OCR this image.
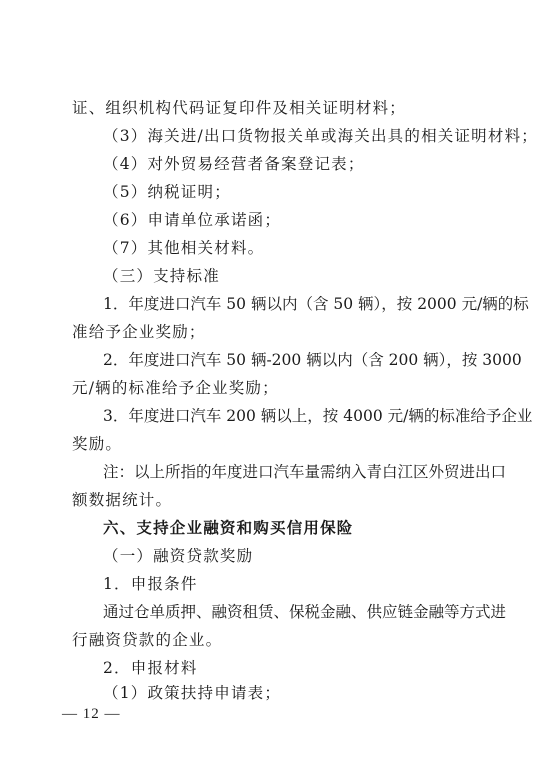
证、组织机构代码证复印件及相关证明材料；
（3）海关进/出口货物报关单或海关出具的相关证明材料；
（4）对外贸易经营者备案登记表；
（5）纳税证明；
（6）申请单位承诺函；
（7）其他相关材料。
（三）支持标准
1．年度进口汽车 50 辆以内（含 50 辆），按 2000 元/辆的标
准给予企业奖励；
2．年度进口汽车 50 辆-200 辆以内（含 200 辆），按 3000
元/辆的标准给予企业奖励；
3．年度进口汽车 200 辆以上，按 4000 元/辆的标准给予企业
奖励。
注：以上所指的年度进口汽车量需纳入青白江区外贸进出口
额数据统计。
六、支持企业融资和购买信用保险
（一）融资贷款奖励
1．申报条件
通过仓单质押、融资租赁、保税金融、供应链金融等方式进
行融资贷款的企业。
2．申报材料
（1）政策扶持申请表；
— 12 —
